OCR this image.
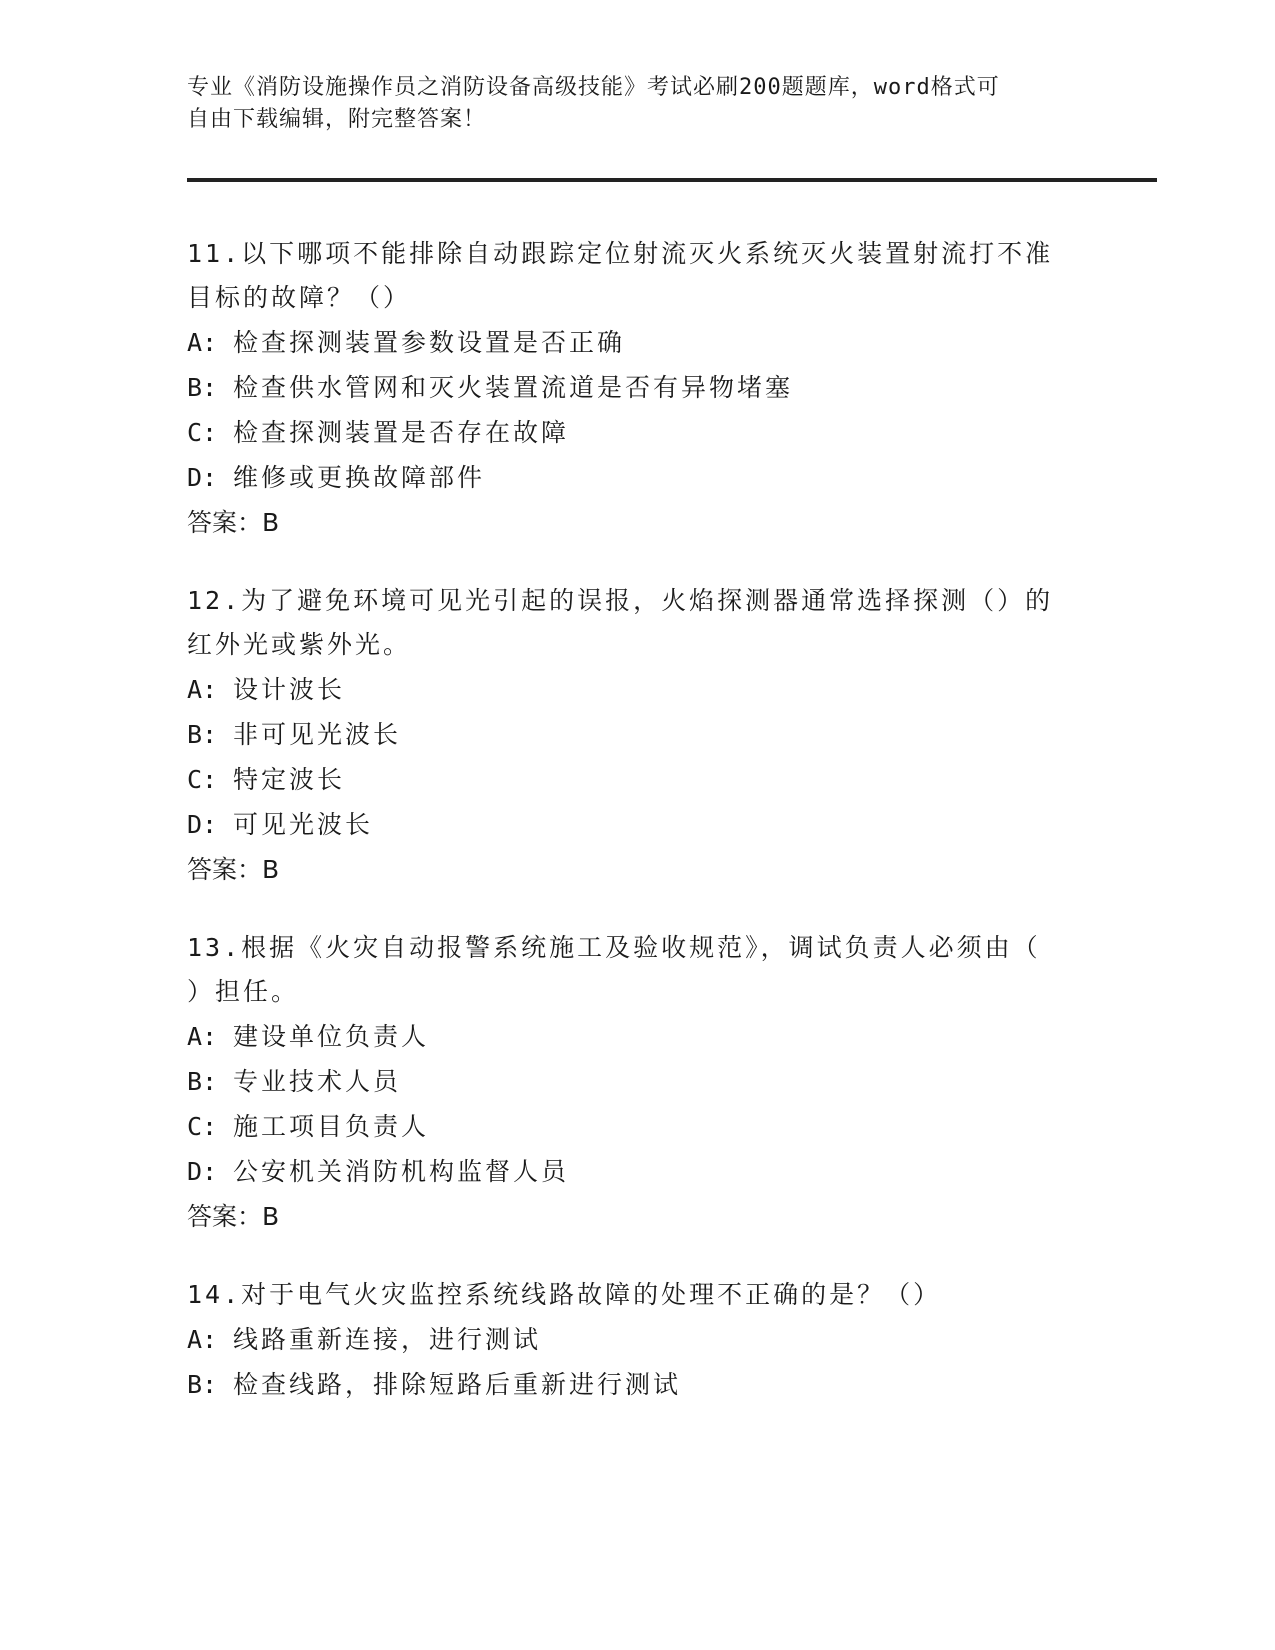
专业《消防设施操作员之消防设备高级技能》考试必刷200题题库，word格式可
自由下载编辑，附完整答案！

11.以下哪项不能排除自动跟踪定位射流灭火系统灭火装置射流打不准

目标的故障？（）

A: 检查探测装置参数设置是否正确

B: 检查供水管网和灭火装置流道是否有异物堵塞

C: 检查探测装置是否存在故障

D: 维修或更换故障部件

答案：B

12.为了避免环境可见光引起的误报，火焰探测器通常选择探测（）的

红外光或紫外光。

A: 设计波长

B: 非可见光波长

C: 特定波长

D: 可见光波长

答案：B

13.根据《火灾自动报警系统施工及验收规范》，调试负责人必须由（

）担任。

A: 建设单位负责人

B: 专业技术人员

C: 施工项目负责人

D: 公安机关消防机构监督人员

答案：B

14.对于电气火灾监控系统线路故障的处理不正确的是？（）

A: 线路重新连接，进行测试

B: 检查线路，排除短路后重新进行测试
